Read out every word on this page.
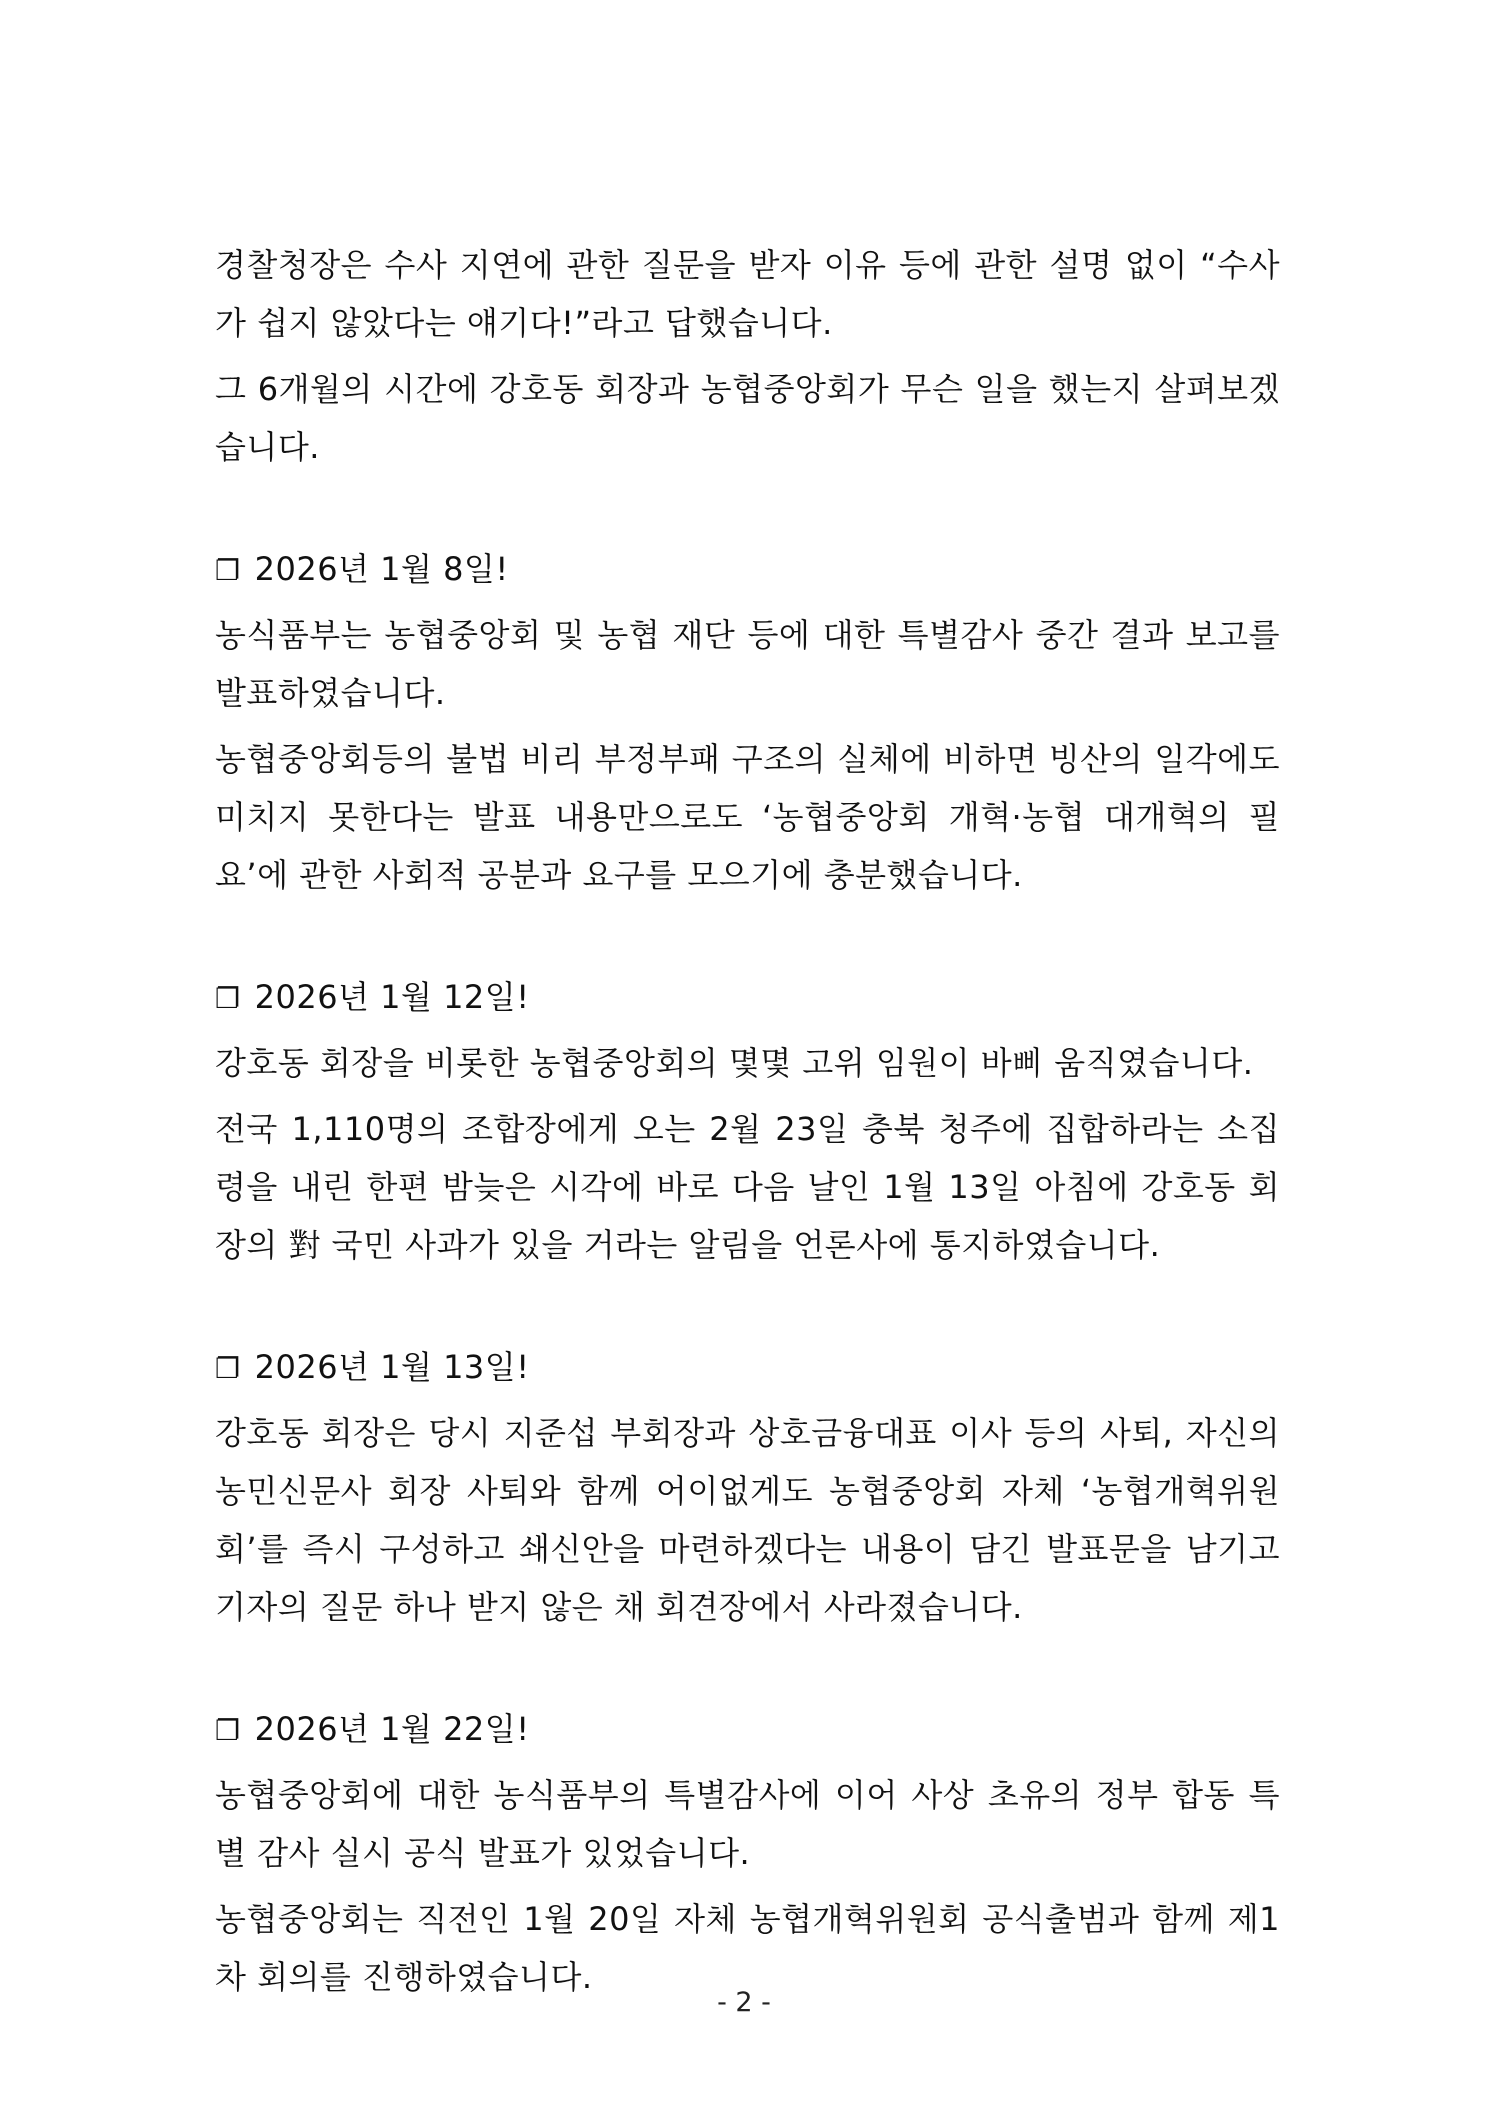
경찰청장은 수사 지연에 관한 질문을 받자 이유 등에 관한 설명 없이 “수사가 쉽지 않았다는 얘기다!”라고 답했습니다.

그 6개월의 시간에 강호동 회장과 농협중앙회가 무슨 일을 했는지 살펴보겠습니다.

❐ 2026년 1월 8일!

농식품부는 농협중앙회 및 농협 재단 등에 대한 특별감사 중간 결과 보고를 발표하였습니다.

농협중앙회등의 불법 비리 부정부패 구조의 실체에 비하면 빙산의 일각에도 미치지 못한다는 발표 내용만으로도 ‘농협중앙회 개혁·농협 대개혁의 필요’에 관한 사회적 공분과 요구를 모으기에 충분했습니다.

❐ 2026년 1월 12일!

강호동 회장을 비롯한 농협중앙회의 몇몇 고위 임원이 바삐 움직였습니다.

전국 1,110명의 조합장에게 오는 2월 23일 충북 청주에 집합하라는 소집령을 내린 한편 밤늦은 시각에 바로 다음 날인 1월 13일 아침에 강호동 회장의 對 국민 사과가 있을 거라는 알림을 언론사에 통지하였습니다.

❐ 2026년 1월 13일!

강호동 회장은 당시 지준섭 부회장과 상호금융대표 이사 등의 사퇴, 자신의 농민신문사 회장 사퇴와 함께 어이없게도 농협중앙회 자체 ‘농협개혁위원회’를 즉시 구성하고 쇄신안을 마련하겠다는 내용이 담긴 발표문을 남기고 기자의 질문 하나 받지 않은 채 회견장에서 사라졌습니다.

❐ 2026년 1월 22일!

농협중앙회에 대한 농식품부의 특별감사에 이어 사상 초유의 정부 합동 특별 감사 실시 공식 발표가 있었습니다.

농협중앙회는 직전인 1월 20일 자체 농협개혁위원회 공식출범과 함께 제1차 회의를 진행하였습니다.

- 2 -
